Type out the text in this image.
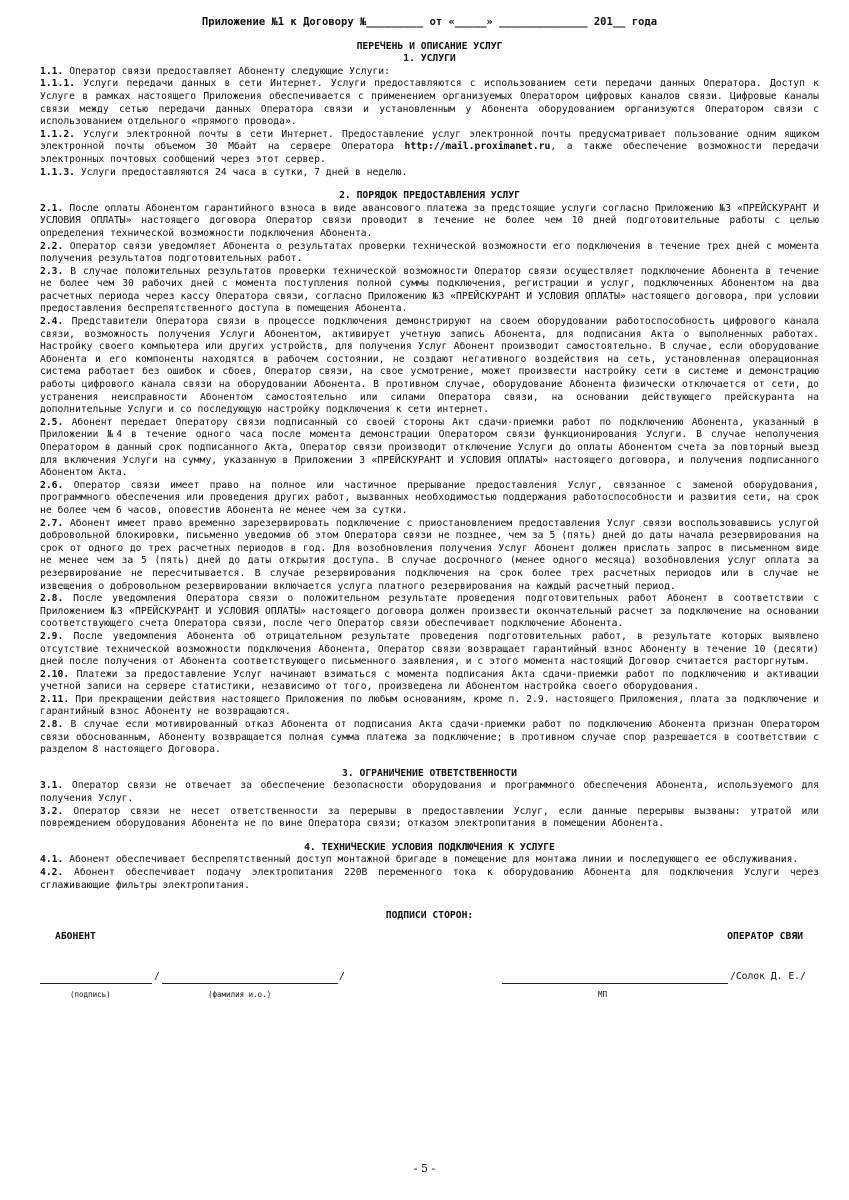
Приложение №1 к Договору №_________ от «_____» ______________ 201__ года
ПЕРЕЧЕНЬ И ОПИСАНИЕ УСЛУГ
1. УСЛУГИ

1.1. Оператор связи предоставляет Абоненту следующие Услуги:

1.1.1. Услуги передачи данных в сети Интернет. Услуги предоставляются с использованием сети передачи данных Оператора. Доступ к Услуге в рамках настоящего Приложения обеспечивается с применением организуемых Оператором цифровых каналов связи. Цифровые каналы связи между сетью передачи данных Оператора связи и установленным у Абонента оборудованием организуются Оператором связи с использованием отдельного «прямого провода».

1.1.2. Услуги электронной почты в сети Интернет. Предоставление услуг электронной почты предусматривает пользование одним ящиком электронной почты объемом 30 Мбайт на сервере Оператора http://mail.proximanet.ru, а также обеспечение возможности передачи электронных почтовых сообщений через этот сервер.

1.1.3. Услуги предоставляются 24 часа в сутки, 7 дней в неделю.

2. ПОРЯДОК ПРЕДОСТАВЛЕНИЯ УСЛУГ

2.1. После оплаты Абонентом гарантийного взноса в виде авансового платежа за предстоящие услуги согласно Приложению №3 «ПРЕЙСКУРАНТ И УСЛОВИЯ ОПЛАТЫ» настоящего договора Оператор связи проводит в течение не более чем 10 дней подготовительные работы с целью определения технической возможности подключения Абонента.

2.2. Оператор связи уведомляет Абонента о результатах проверки технической возможности его подключения в течение трех дней с момента получения результатов подготовительных работ.

2.3. В случае положительных результатов проверки технической возможности Оператор связи осуществляет подключение Абонента в течение не более чем 30 рабочих дней с момента поступления полной суммы подключения, регистрации и услуг, подключенных Абонентом на два расчетных периода через кассу Оператора связи, согласно Приложению №3 «ПРЕЙСКУРАНТ И УСЛОВИЯ ОПЛАТЫ» настоящего договора, при условии предоставления беспрепятственного доступа в помещения Абонента.

2.4. Представители Оператора связи в процессе подключения демонстрируют на своем оборудовании работоспособность цифрового канала связи, возможность получения Услуги Абонентом, активирует учетную запись Абонента, для подписания Акта о выполненных работах. Настройку своего компьютера или других устройств, для получения Услуг Абонент производит самостоятельно. В случае, если оборудование Абонента и его компоненты находятся в рабочем состоянии, не создают негативного воздействия на сеть, установленная операционная система работает без ошибок и сбоев, Оператор связи, на свое усмотрение, может произвести настройку сети в системе и демонстрацию работы цифрового канала связи на оборудовании Абонента. В противном случае, оборудование Абонента физически отключается от сети, до устранения неисправности Абонентом самостоятельно или силами Оператора связи, на основании действующего прейскуранта на дополнительные Услуги и со последующую настройку подключения к сети интернет.

2.5. Абонент передает Оператору связи подписанный со своей стороны Акт сдачи-приемки работ по подключению Абонента, указанный в Приложении №4 в течение одного часа после момента демонстрации Оператором связи функционирования Услуги. В случае неполучения Оператором в данный срок подписанного Акта, Оператор связи производит отключение Услуги до оплаты Абонентом счета за повторный выезд для включения Услуги на сумму, указанную в Приложении 3 «ПРЕЙСКУРАНТ И УСЛОВИЯ ОПЛАТЫ» настоящего договора, и получения подписанного Абонентом Акта.

2.6. Оператор связи имеет право на полное или частичное прерывание предоставления Услуг, связанное с заменой оборудования, программного обеспечения или проведения других работ, вызванных необходимостью поддержания работоспособности и развития сети, на срок не более чем 6 часов, оповестив Абонента не менее чем за сутки.

2.7. Абонент имеет право временно зарезервировать подключение с приостановлением предоставления Услуг связи воспользовавшись услугой добровольной блокировки, письменно уведомив об этом Оператора связи не позднее, чем за 5 (пять) дней до даты начала резервирования на срок от одного до трех расчетных периодов в год. Для возобновления получения Услуг Абонент должен прислать запрос в письменном виде не менее чем за 5 (пять) дней до даты открытия доступа. В случае досрочного (менее одного месяца) возобновления услуг оплата за резервирование не пересчитывается. В случае резервирования подключения на срок более трех расчетных периодов или в случае не извещения о добровольном резервировании включается услуга платного резервирования на каждый расчетный период.

2.8. После уведомления Оператора связи о положительном результате проведения подготовительных работ Абонент в соответствии с Приложением №3 «ПРЕЙСКУРАНТ И УСЛОВИЯ ОПЛАТЫ» настоящего договора должен произвести окончательный расчет за подключение на основании соответствующего счета Оператора связи, после чего Оператор связи обеспечивает подключение Абонента.

2.9. После уведомления Абонента об отрицательном результате проведения подготовительных работ, в результате которых выявлено отсутствие технической возможности подключения Абонента, Оператор связи возвращает гарантийный взнос Абоненту в течение 10 (десяти) дней после получения от Абонента соответствующего письменного заявления, и с этого момента настоящий Договор считается расторгнутым.

2.10. Платежи за предоставление Услуг начинают взиматься с момента подписания Акта сдачи-приемки работ по подключению и активации учетной записи на сервере статистики, независимо от того, произведена ли Абонентом настройка своего оборудования.

2.11. При прекращении действия настоящего Приложения по любым основаниям, кроме п. 2.9. настоящего Приложения, плата за подключение и гарантийный взнос Абоненту не возвращаются.

2.8. В случае если мотивированный отказ Абонента от подписания Акта сдачи-приемки работ по подключению Абонента признан Оператором связи обоснованным, Абоненту возвращается полная сумма платежа за подключение; в противном случае спор разрешается в соответствии с разделом 8 настоящего Договора.

3. ОГРАНИЧЕНИЕ ОТВЕТСТВЕННОСТИ

3.1. Оператор связи не отвечает за обеспечение безопасности оборудования и программного обеспечения Абонента, используемого для получения Услуг.

3.2. Оператор связи не несет ответственности за перерывы в предоставлении Услуг, если данные перерывы вызваны: утратой или повреждением оборудования Абонента не по вине Оператора связи; отказом электропитания в помещении Абонента.

4. ТЕХНИЧЕСКИЕ УСЛОВИЯ ПОДКЛЮЧЕНИЯ К УСЛУГЕ

4.1. Абонент обеспечивает беспрепятственный доступ монтажной бригаде в помещение для монтажа линии и последующего ее обслуживания.

4.2. Абонент обеспечивает подачу электропитания 220В переменного тока к оборудованию Абонента для подключения Услуги через сглаживающие фильтры электропитания.

ПОДПИСИ СТОРОН:
АБОНЕНТ	ОПЕРАТОР СВЯИ
/	/	/Солок Д. Е./
(подпись)	(фамилия и.о.)	МП
- 5 -
